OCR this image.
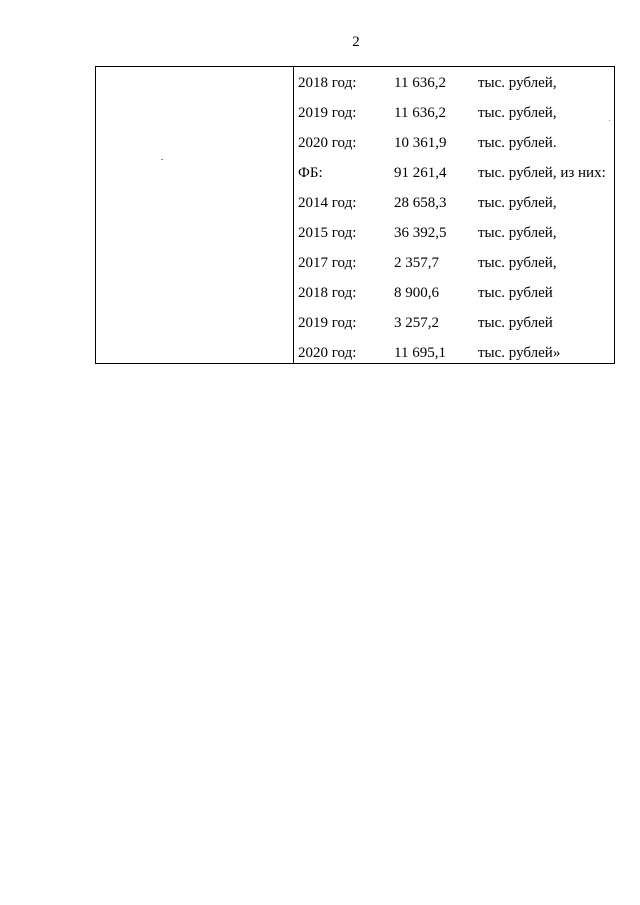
2
2018 год:	11 636,2 тыс. рублей,
2019 год:	11 636,2 тыс. рублей,
2020 год:	10 361,9 тыс. рублей.
ФБ:	91 261,4 тыс. рублей, из них:
2014 год:	28 658,3 тыс. рублей,
2015 год:	36 392,5 тыс. рублей,
2017 год:	2 357,7	тыс. рублей,
2018 год:	8 900,6	тыс. рублей
2019 год:	3 257,2	тыс. рублей
2020 год:	11 695,1 тыс. рублей»
